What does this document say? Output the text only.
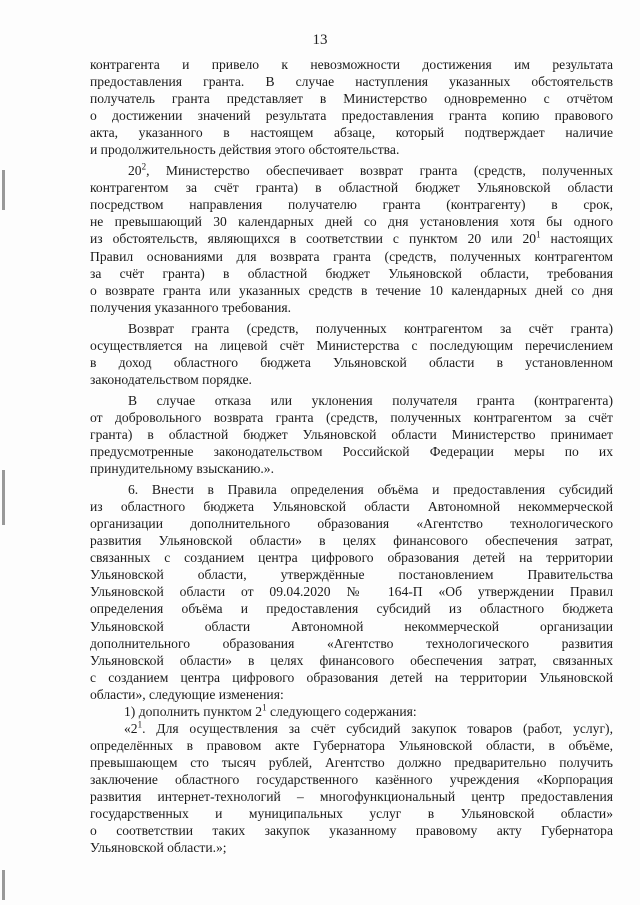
13
контрагента и привело к невозможности достижения им результата
предоставления гранта. В случае наступления указанных обстоятельств
получатель гранта представляет в Министерство одновременно с отчётом
о достижении значений результата предоставления гранта копию правового
акта, указанного в настоящем абзаце, который подтверждает наличие
и продолжительность действия этого обстоятельства.
$20^2$, Министерство обеспечивает возврат гранта (средств, полученных
контрагентом за счёт гранта) в областной бюджет Ульяновской области
посредством направления получателю гранта (контрагенту) в срок,
не превышающий 30 календарных дней со дня установления хотя бы одного
из обстоятельств, являющихся в соответствии с пунктом 20 или $20^1$ настоящих
Правил основаниями для возврата гранта (средств, полученных контрагентом
за счёт гранта) в областной бюджет Ульяновской области, требования
о возврате гранта или указанных средств в течение 10 календарных дней со дня
получения указанного требования.
Возврат гранта (средств, полученных контрагентом за счёт гранта)
осуществляется на лицевой счёт Министерства с последующим перечислением
в доход областного бюджета Ульяновской области в установленном
законодательством порядке.
В случае отказа или уклонения получателя гранта (контрагента)
от добровольного возврата гранта (средств, полученных контрагентом за счёт
гранта) в областной бюджет Ульяновской области Министерство принимает
предусмотренные законодательством Российской Федерации меры по их
принудительному взысканию.».
6. Внести в Правила определения объёма и предоставления субсидий
из областного бюджета Ульяновской области Автономной некоммерческой
организации дополнительного образования «Агентство технологического
развития Ульяновской области» в целях финансового обеспечения затрат,
связанных с созданием центра цифрового образования детей на территории
Ульяновской области, утверждённые постановлением Правительства
Ульяновской области от 09.04.2020 № 164-П «Об утверждении Правил
определения объёма и предоставления субсидий из областного бюджета
Ульяновской области Автономной некоммерческой организации
дополнительного образования «Агентство технологического развития
Ульяновской области» в целях финансового обеспечения затрат, связанных
с созданием центра цифрового образования детей на территории Ульяновской
области», следующие изменения:
1) дополнить пунктом $2^1$ следующего содержания:
«$2^1$. Для осуществления за счёт субсидий закупок товаров (работ, услуг),
определённых в правовом акте Губернатора Ульяновской области, в объёме,
превышающем сто тысяч рублей, Агентство должно предварительно получить
заключение областного государственного казённого учреждения «Корпорация
развития интернет-технологий – многофункциональный центр предоставления
государственных и муниципальных услуг в Ульяновской области»
о соответствии таких закупок указанному правовому акту Губернатора
Ульяновской области.»;
